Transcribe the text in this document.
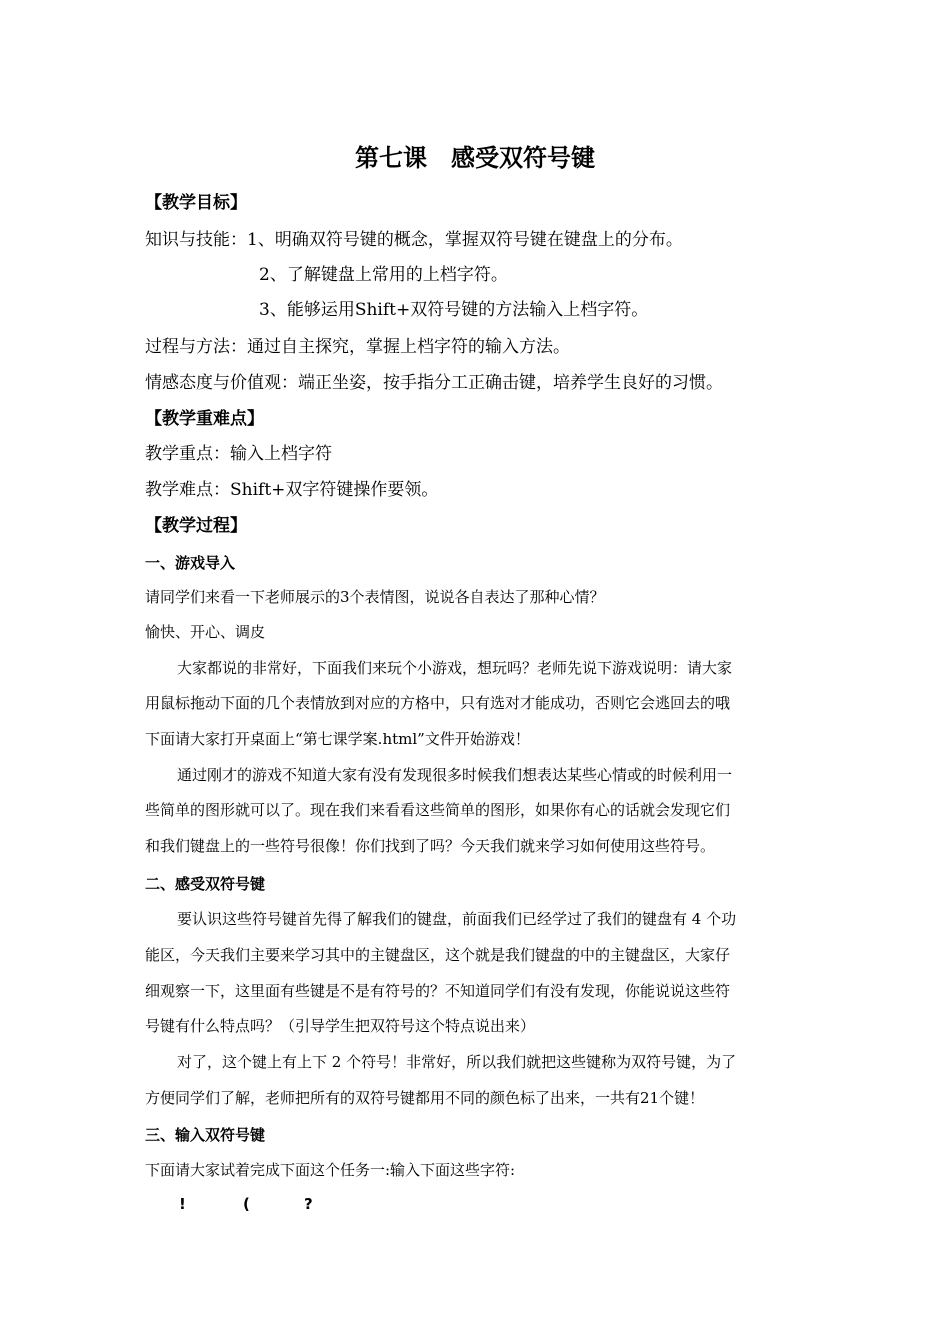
第七课　感受双符号键
【教学目标】
知识与技能：1、明确双符号键的概念，掌握双符号键在键盘上的分布。
2、了解键盘上常用的上档字符。
3、能够运用Shift+双符号键的方法输入上档字符。
过程与方法：通过自主探究，掌握上档字符的输入方法。
情感态度与价值观：端正坐姿，按手指分工正确击键，培养学生良好的习惯。
【教学重难点】
教学重点：输入上档字符
教学难点：Shift+双字符键操作要领。
【教学过程】
一、游戏导入
请同学们来看一下老师展示的3个表情图，说说各自表达了那种心情？
愉快、开心、调皮
大家都说的非常好，下面我们来玩个小游戏，想玩吗？老师先说下游戏说明：请大家
用鼠标拖动下面的几个表情放到对应的方格中，只有选对才能成功，否则它会逃回去的哦
下面请大家打开桌面上“第七课学案.html”文件开始游戏！
通过刚才的游戏不知道大家有没有发现很多时候我们想表达某些心情或的时候利用一
些简单的图形就可以了。现在我们来看看这些简单的图形，如果你有心的话就会发现它们
和我们键盘上的一些符号很像！你们找到了吗？今天我们就来学习如何使用这些符号。
二、感受双符号键
要认识这些符号键首先得了解我们的键盘，前面我们已经学过了我们的键盘有 4 个功
能区，今天我们主要来学习其中的主键盘区，这个就是我们键盘的中的主键盘区，大家仔
细观察一下，这里面有些键是不是有符号的？不知道同学们有没有发现，你能说说这些符
号键有什么特点吗？（引导学生把双符号这个特点说出来）
对了，这个键上有上下 2 个符号！非常好，所以我们就把这些键称为双符号键，为了
方便同学们了解，老师把所有的双符号键都用不同的颜色标了出来，一共有21个键！
三、输入双符号键
下面请大家试着完成下面这个任务一:输入下面这些字符:
!	(	?
